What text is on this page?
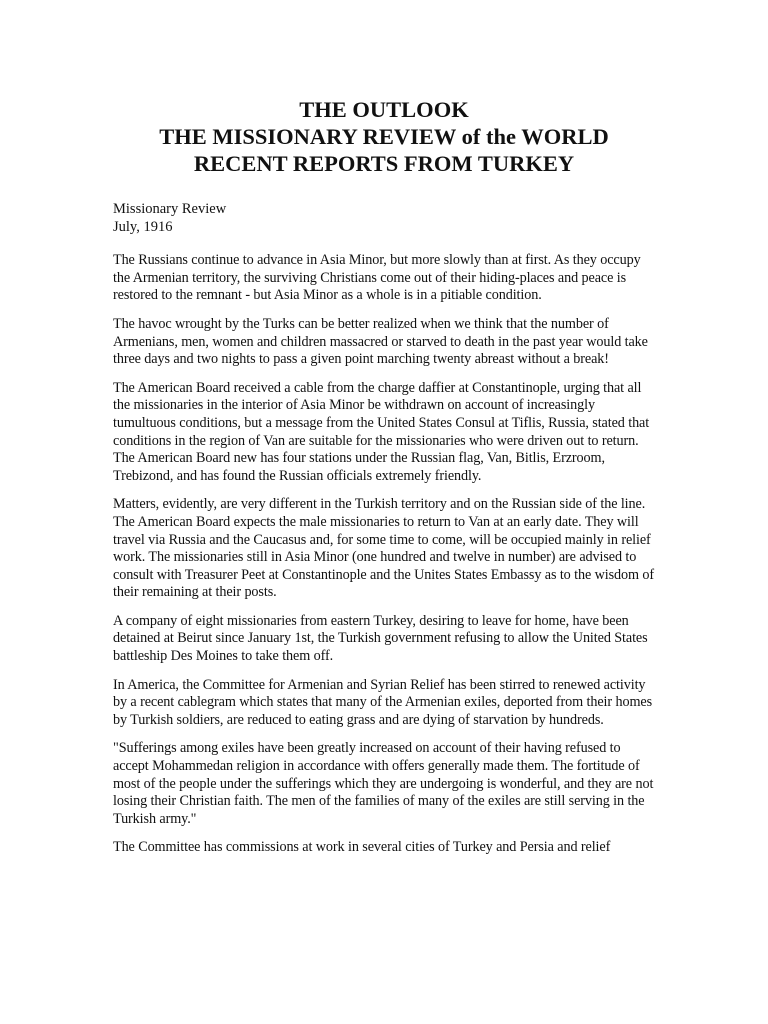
THE OUTLOOK
THE MISSIONARY REVIEW of the WORLD
RECENT REPORTS FROM TURKEY
Missionary Review
July, 1916

The Russians continue to advance in Asia Minor, but more slowly than at first. As they occupy the Armenian territory, the surviving Christians come out of their hiding-places and peace is restored to the remnant - but Asia Minor as a whole is in a pitiable condition.

The havoc wrought by the Turks can be better realized when we think that the number of Armenians, men, women and children massacred or starved to death in the past year would take three days and two nights to pass a given point marching twenty abreast without a break!

The American Board received a cable from the charge daffier at Constantinople, urging that all the missionaries in the interior of Asia Minor be withdrawn on account of increasingly tumultuous conditions, but a message from the United States Consul at Tiflis, Russia, stated that conditions in the region of Van are suitable for the missionaries who were driven out to return. The American Board new has four stations under the Russian flag, Van, Bitlis, Erzroom, Trebizond, and has found the Russian officials extremely friendly.

Matters, evidently, are very different in the Turkish territory and on the Russian side of the line. The American Board expects the male missionaries to return to Van at an early date. They will travel via Russia and the Caucasus and, for some time to come, will be occupied mainly in relief work. The missionaries still in Asia Minor (one hundred and twelve in number) are advised to consult with Treasurer Peet at Constantinople and the Unites States Embassy as to the wisdom of their remaining at their posts.

A company of eight missionaries from eastern Turkey, desiring to leave for home, have been detained at Beirut since January 1st, the Turkish government refusing to allow the United States battleship Des Moines to take them off.

In America, the Committee for Armenian and Syrian Relief has been stirred to renewed activity by a recent cablegram which states that many of the Armenian exiles, deported from their homes by Turkish soldiers, are reduced to eating grass and are dying of starvation by hundreds.

"Sufferings among exiles have been greatly increased on account of their having refused to accept Mohammedan religion in accordance with offers generally made them. The fortitude of most of the people under the sufferings which they are undergoing is wonderful, and they are not losing their Christian faith. The men of the families of many of the exiles are still serving in the Turkish army."

The Committee has commissions at work in several cities of Turkey and Persia and relief
